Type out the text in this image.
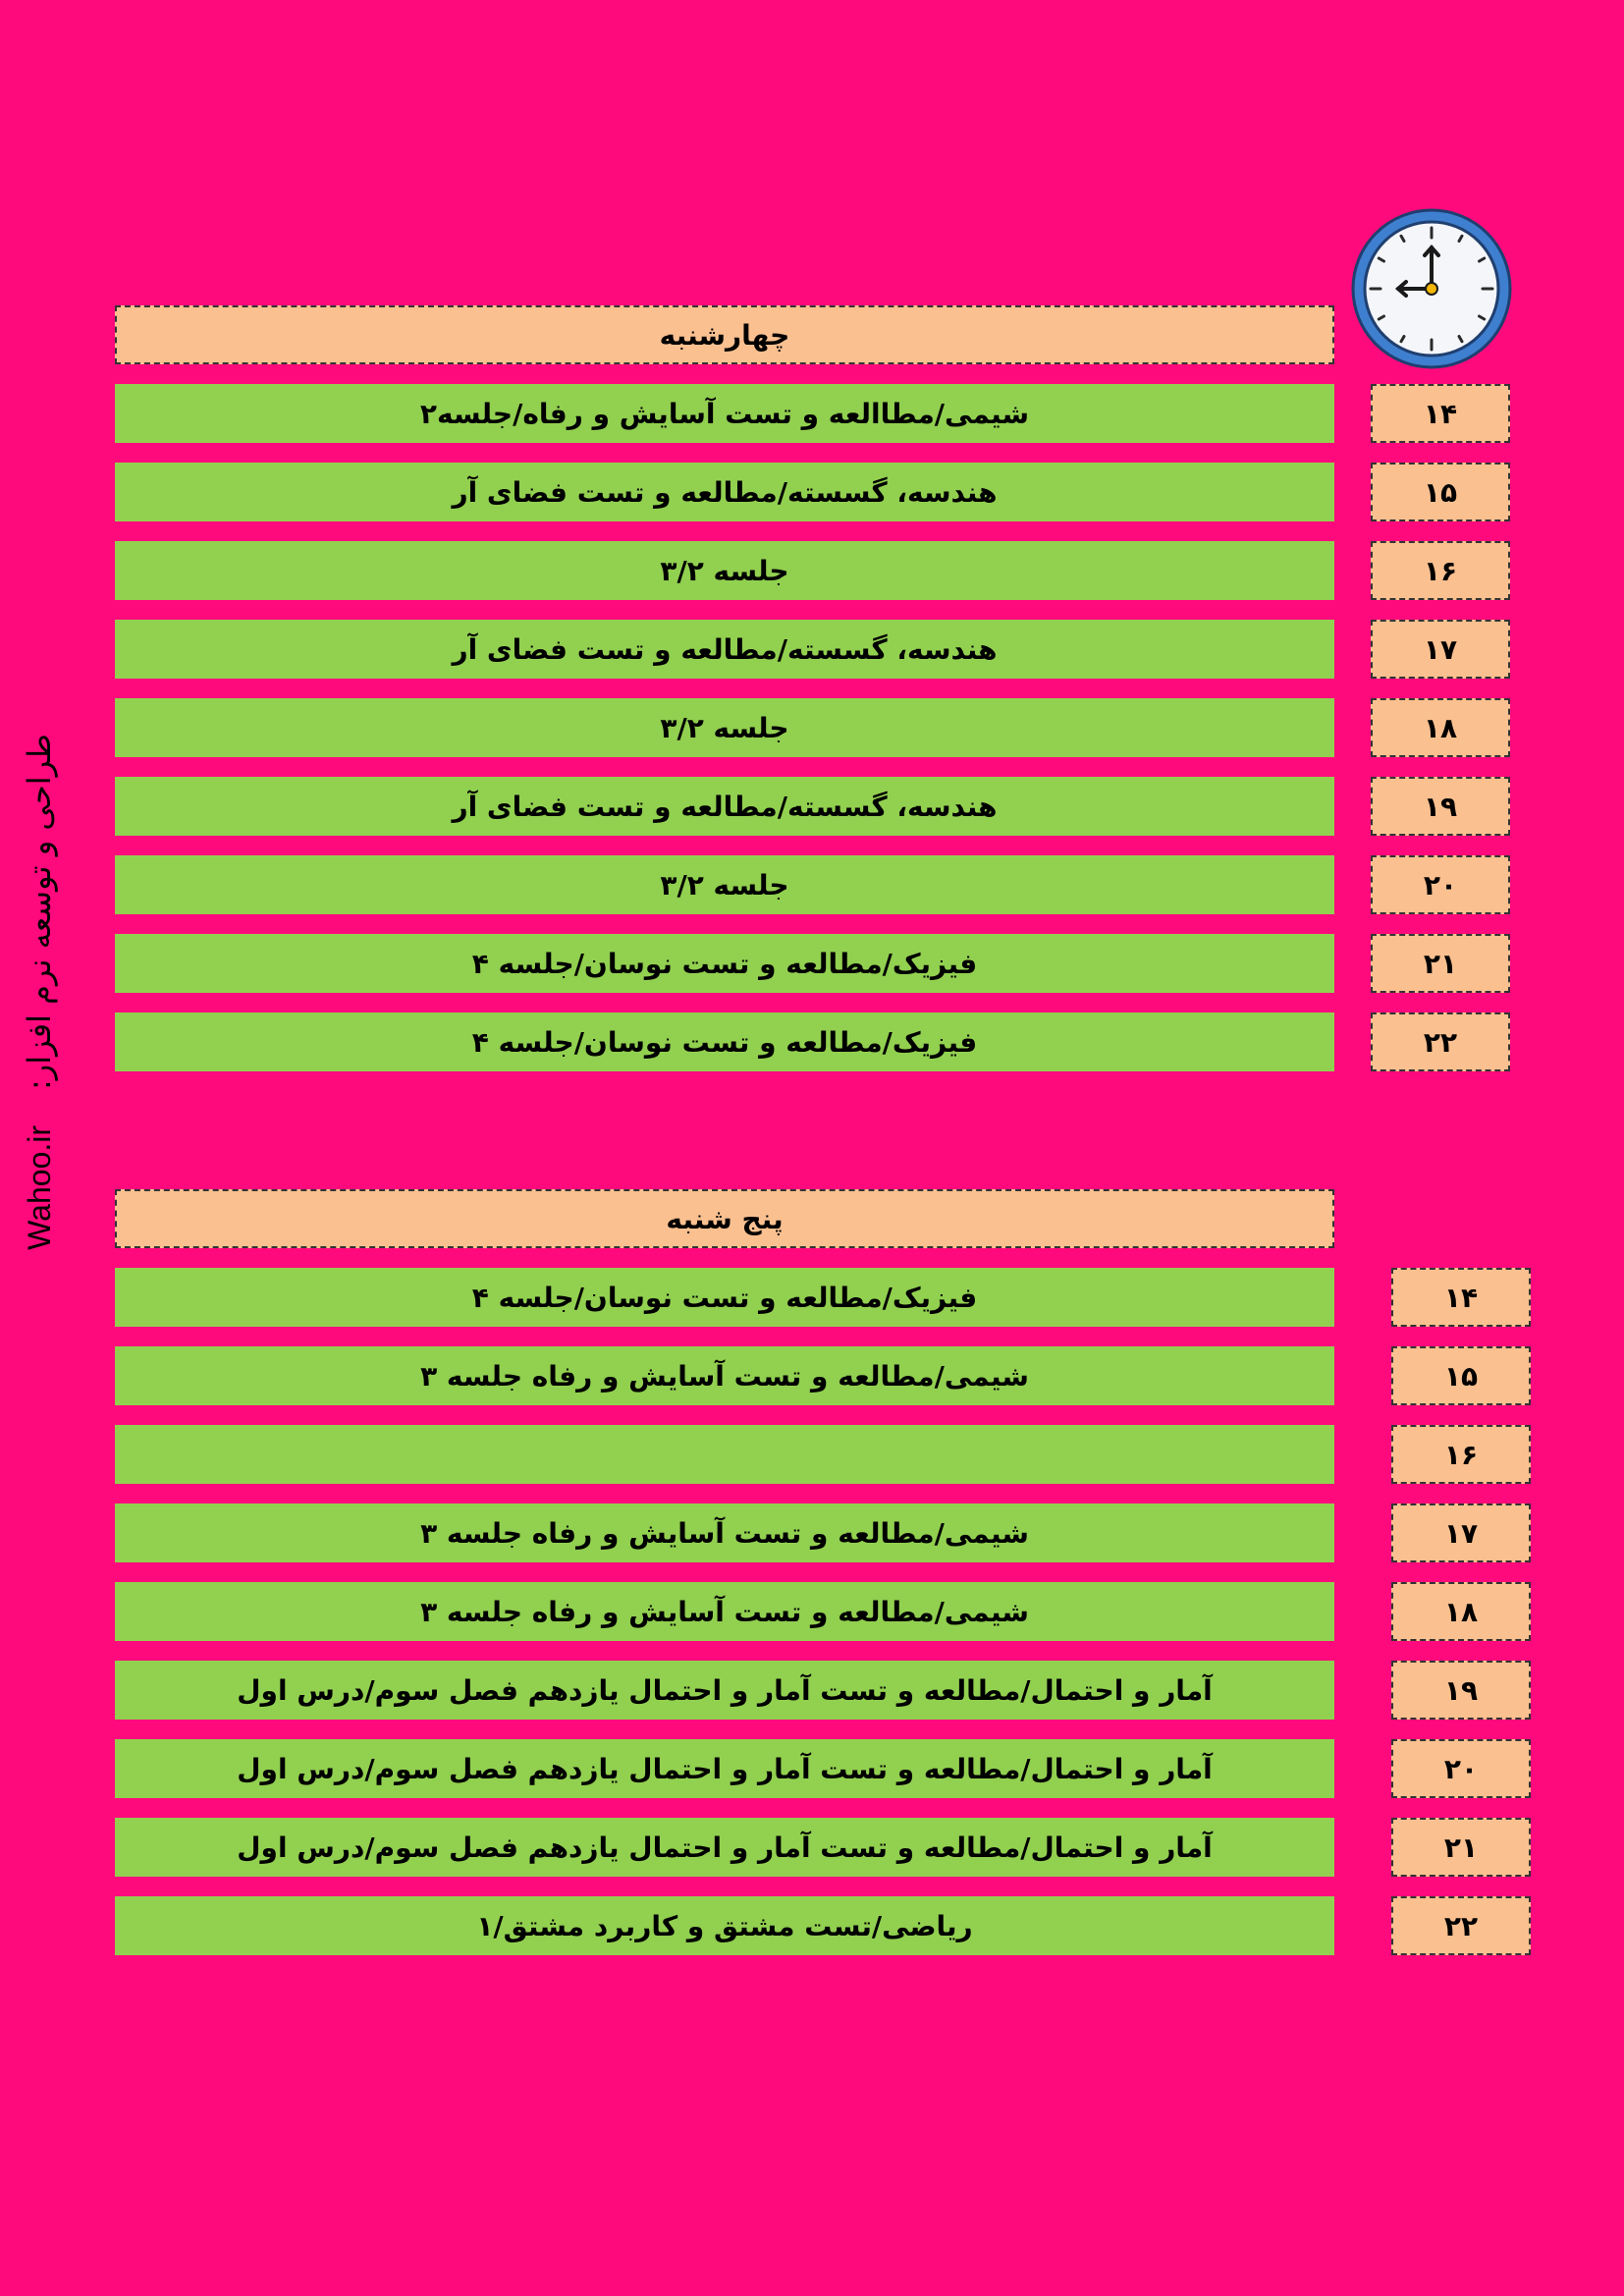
طراحی و توسعه نرم افزار:
Wahoo.ir
چهارشنبه
شیمی/مطاالعه و تست آسایش و رفاه/جلسه۲	۱۴
هندسه، گسسته/مطالعه و تست فضای آر	۱۵
جلسه ۳/۲	۱۶
هندسه، گسسته/مطالعه و تست فضای آر	۱۷
جلسه ۳/۲	۱۸
هندسه، گسسته/مطالعه و تست فضای آر	۱۹
جلسه ۳/۲	۲۰
فیزیک/مطالعه و تست نوسان/جلسه ۴	۲۱
فیزیک/مطالعه و تست نوسان/جلسه ۴	۲۲
پنج شنبه
فیزیک/مطالعه و تست نوسان/جلسه ۴	۱۴
شیمی/مطالعه و تست آسایش و رفاه جلسه ۳	۱۵
۱۶
شیمی/مطالعه و تست آسایش و رفاه جلسه ۳	۱۷
شیمی/مطالعه و تست آسایش و رفاه جلسه ۳	۱۸
آمار و احتمال/مطالعه و تست آمار و احتمال یازدهم فصل سوم/درس اول	۱۹
آمار و احتمال/مطالعه و تست آمار و احتمال یازدهم فصل سوم/درس اول	۲۰
آمار و احتمال/مطالعه و تست آمار و احتمال یازدهم فصل سوم/درس اول	۲۱
ریاضی/تست مشتق و کاربرد مشتق/۱	۲۲
